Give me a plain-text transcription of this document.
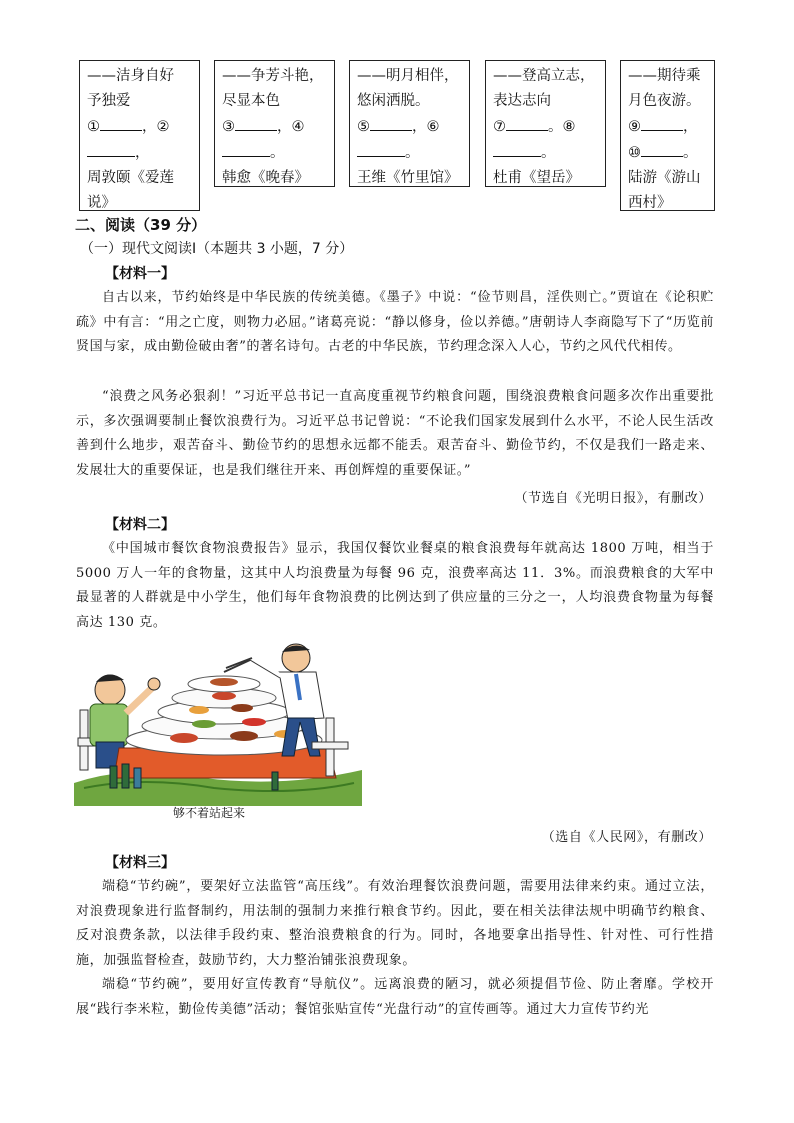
——洁身自好
予独爱
①	，②
，
周敦颐《爱莲
说》
——争芳斗艳，
尽显本色
③	，④
。
韩愈《晚春》
——明月相伴，
悠闲洒脱。
⑤	，⑥
。
王维《竹里馆》
——登高立志，
表达志向
⑦	。⑧
。
杜甫《望岳》
——期待乘
月色夜游。
⑨	，
⑩	。
陆游《游山
西村》
二、阅读（39 分）
（一）现代文阅读Ⅰ（本题共 3 小题，7 分）
【材料一】
自古以来，节约始终是中华民族的传统美德。《墨子》中说：“俭节则昌，淫佚则亡。”贾谊在《论积贮疏》中有言：“用之亡度，则物力必屈。”诸葛亮说：“静以修身，俭以养德。”唐朝诗人李商隐写下了“历览前贤国与家，成由勤俭破由奢”的著名诗句。古老的中华民族，节约理念深入人心，节约之风代代相传。
“浪费之风务必狠刹！”习近平总书记一直高度重视节约粮食问题，围绕浪费粮食问题多次作出重要批示，多次强调要制止餐饮浪费行为。习近平总书记曾说：“不论我们国家发展到什么水平，不论人民生活改善到什么地步，艰苦奋斗、勤俭节约的思想永远都不能丢。艰苦奋斗、勤俭节约，不仅是我们一路走来、发展壮大的重要保证，也是我们继往开来、再创辉煌的重要保证。”
（节选自《光明日报》，有删改）
【材料二】
《中国城市餐饮食物浪费报告》显示，我国仅餐饮业餐桌的粮食浪费每年就高达 1800 万吨，相当于 5000 万人一年的食物量，这其中人均浪费量为每餐 96 克，浪费率高达 11．3%。而浪费粮食的大军中最显著的人群就是中小学生，他们每年食物浪费的比例达到了供应量的三分之一，人均浪费食物量为每餐高达 130 克。
够不着站起来
（选自《人民网》，有删改）
【材料三】
端稳“节约碗”，要架好立法监管“高压线”。有效治理餐饮浪费问题，需要用法律来约束。通过立法，对浪费现象进行监督制约，用法制的强制力来推行粮食节约。因此，要在相关法律法规中明确节约粮食、反对浪费条款，以法律手段约束、整治浪费粮食的行为。同时，各地要拿出指导性、针对性、可行性措施，加强监督检查，鼓励节约，大力整治铺张浪费现象。
端稳“节约碗”，要用好宣传教育“导航仪”。远离浪费的陋习，就必须提倡节俭、防止奢靡。学校开展“践行李米粒，勤俭传美德”活动；餐馆张贴宣传“光盘行动”的宣传画等。通过大力宣传节约光
